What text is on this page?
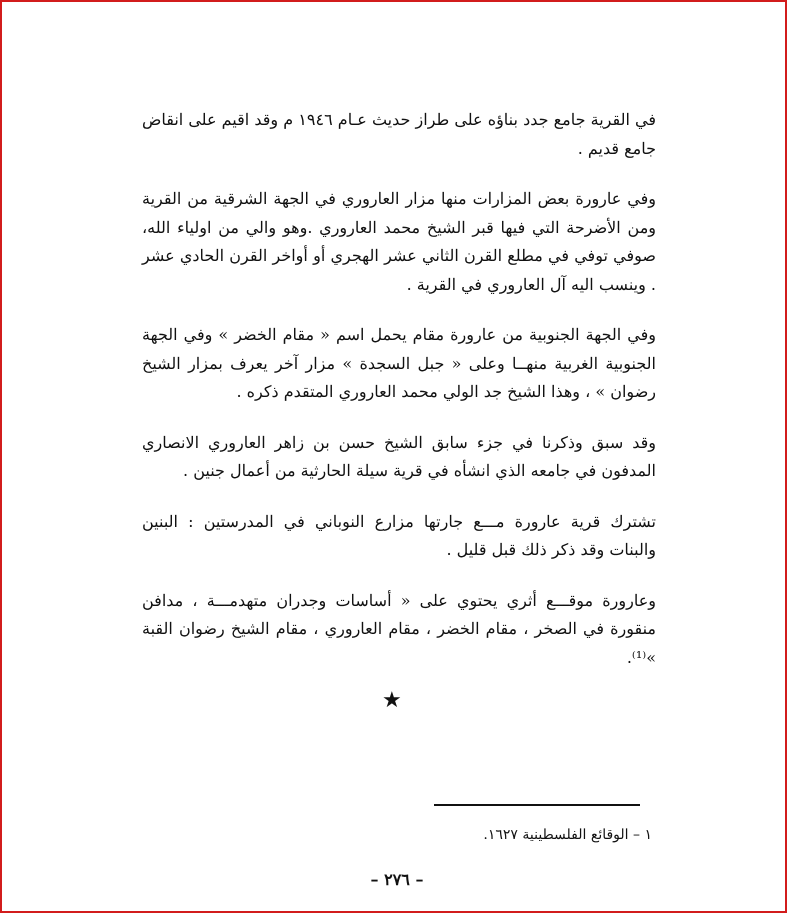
في القرية جامع جدد بناؤه على طراز حديث عـام ١٩٤٦ م وقد اقيم على انقاض جامع قديم .

وفي عارورة بعض المزارات منها مزار العاروري في الجهة الشرقية من القرية ومن الأضرحة التي فيها قبر الشيخ محمد العاروري .وهو والي من اولياء الله، صوفي توفي في مطلع القرن الثاني عشر الهجري أو أواخر القرن الحادي عشر . وينسب اليه آل العاروري في القرية .

وفي الجهة الجنوبية من عارورة مقام يحمل اسم « مقام الخضر » وفي الجهة الجنوبية الغربية منهــا وعلى « جبل السجدة » مزار آخر يعرف بمزار الشيخ رضوان » ، وهذا الشيخ جد الولي محمد العاروري المتقدم ذكره .

وقد سبق وذكرنا في جزء سابق الشيخ حسن بن زاهر العاروري الانصاري المدفون في جامعه الذي انشأه في قرية سيلة الحارثية من أعمال جنين .

تشترك قرية عارورة مـــع جارتها مزارع النوباني في المدرستين : البنين والبنات وقد ذكر ذلك قبل قليل .

وعارورة موقـــع أثري يحتوي على « أساسات وجدران متهدمـــة ، مدافن منقورة في الصخر ، مقام الخضر ، مقام العاروري ، مقام الشيخ رضوان القبة »⁽¹⁾.

★
١ – الوقائع الفلسطينية ١٦٢٧.
– ٢٧٦ –
